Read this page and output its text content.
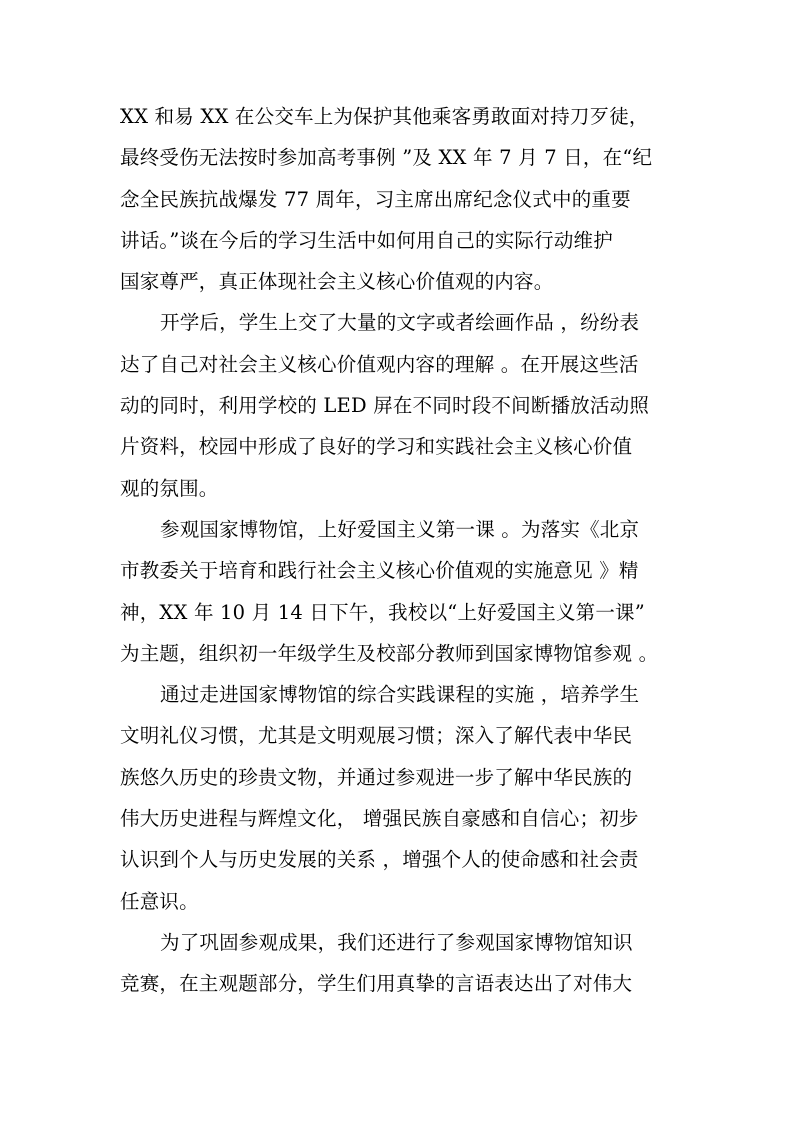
XX 和易 XX 在公交车上为保护其他乘客勇敢面对持刀歹徒，
最终受伤无法按时参加高考事例 ”及 XX 年 7 月 7 日，在“纪
念全民族抗战爆发 77 周年，习主席出席纪念仪式中的重要
讲话。”谈在今后的学习生活中如何用自己的实际行动维护
国家尊严，真正体现社会主义核心价值观的内容。
开学后，学生上交了大量的文字或者绘画作品 ，纷纷表
达了自己对社会主义核心价值观内容的理解 。在开展这些活
动的同时，利用学校的 LED 屏在不同时段不间断播放活动照
片资料，校园中形成了良好的学习和实践社会主义核心价值
观的氛围。
参观国家博物馆，上好爱国主义第一课 。为落实《北京
市教委关于培育和践行社会主义核心价值观的实施意见 》精
神，XX 年 10 月 14 日下午，我校以“上好爱国主义第一课”
为主题，组织初一年级学生及校部分教师到国家博物馆参观 。
通过走进国家博物馆的综合实践课程的实施 ，培养学生
文明礼仪习惯，尤其是文明观展习惯；深入了解代表中华民
族悠久历史的珍贵文物，并通过参观进一步了解中华民族的
伟大历史进程与辉煌文化， 增强民族自豪感和自信心；初步
认识到个人与历史发展的关系 ，增强个人的使命感和社会责
任意识。
为了巩固参观成果，我们还进行了参观国家博物馆知识
竞赛，在主观题部分，学生们用真挚的言语表达出了对伟大
